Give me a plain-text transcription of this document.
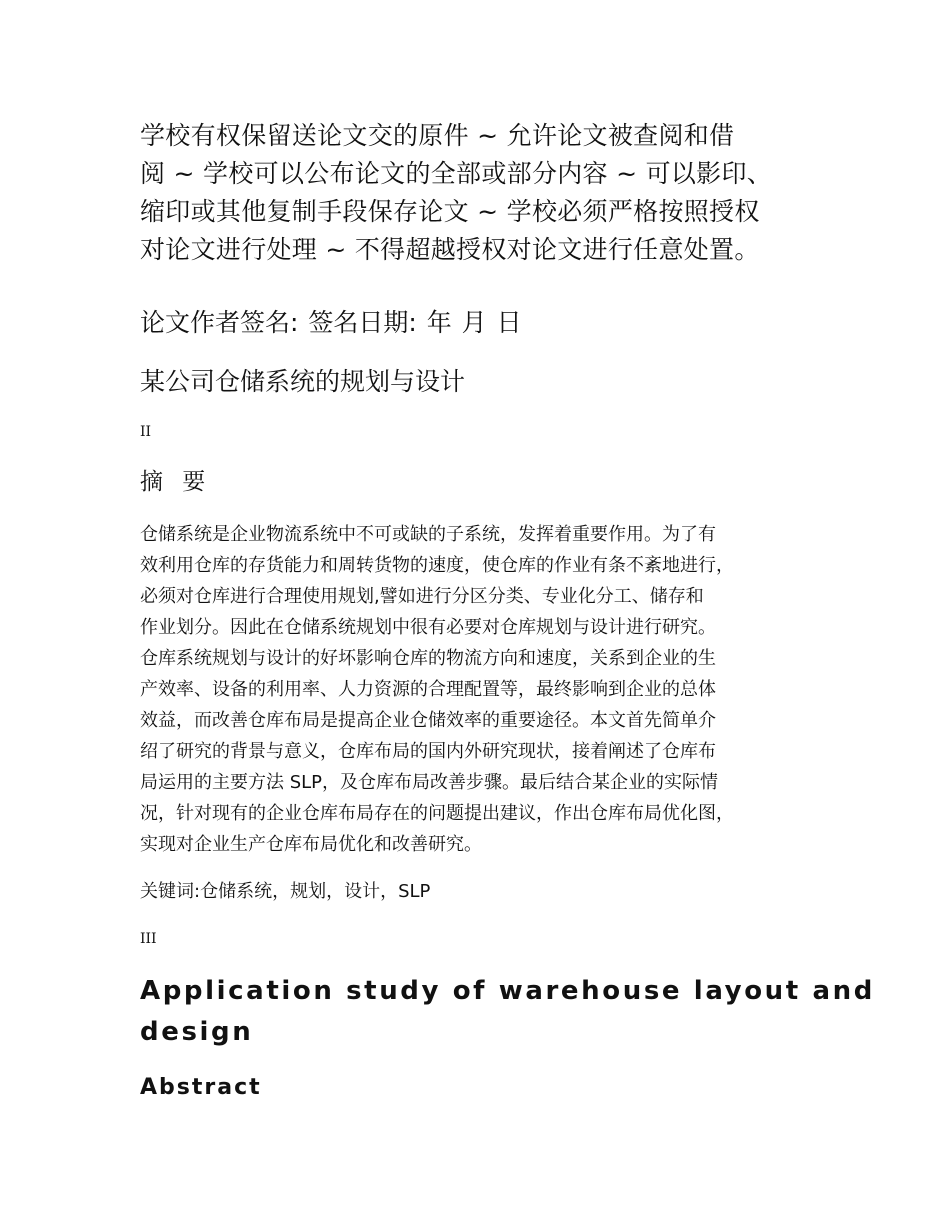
学校有权保留送论文交的原件 ~ 允许论文被查阅和借
阅 ~ 学校可以公布论文的全部或部分内容 ~ 可以影印、
缩印或其他复制手段保存论文 ~ 学校必须严格按照授权
对论文进行处理 ~ 不得超越授权对论文进行任意处置。

论文作者签名: 签名日期: 年 月 日

某公司仓储系统的规划与设计

II

摘 要

仓储系统是企业物流系统中不可或缺的子系统，发挥着重要作用。为了有
效利用仓库的存货能力和周转货物的速度，使仓库的作业有条不紊地进行，
必须对仓库进行合理使用规划,譬如进行分区分类、专业化分工、储存和
作业划分。因此在仓储系统规划中很有必要对仓库规划与设计进行研究。
仓库系统规划与设计的好坏影响仓库的物流方向和速度，关系到企业的生
产效率、设备的利用率、人力资源的合理配置等，最终影响到企业的总体
效益，而改善仓库布局是提高企业仓储效率的重要途径。本文首先简单介
绍了研究的背景与意义，仓库布局的国内外研究现状，接着阐述了仓库布
局运用的主要方法 SLP，及仓库布局改善步骤。最后结合某企业的实际情
况，针对现有的企业仓库布局存在的问题提出建议，作出仓库布局优化图，
实现对企业生产仓库布局优化和改善研究。

关键词:仓储系统，规划，设计，SLP

III

Application study of warehouse layout and
design
Abstract
